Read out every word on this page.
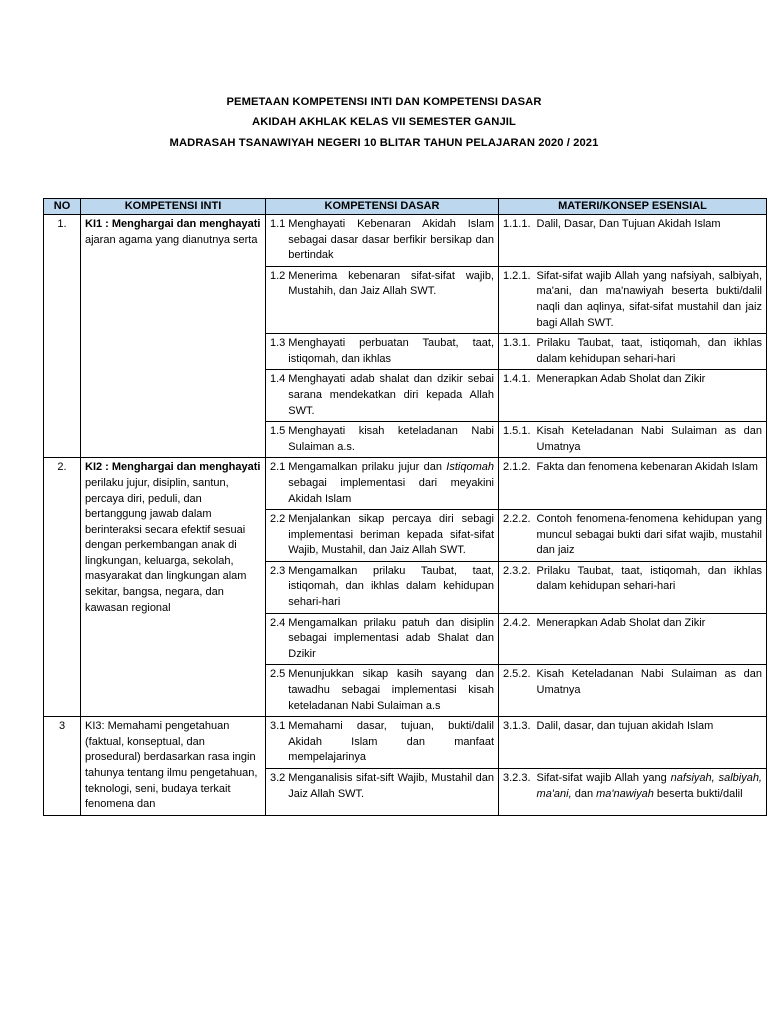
PEMETAAN KOMPETENSI INTI DAN KOMPETENSI DASAR
AKIDAH AKHLAK KELAS VII SEMESTER GANJIL
MADRASAH TSANAWIYAH NEGERI 10 BLITAR TAHUN PELAJARAN 2020 / 2021
NO	KOMPETENSI INTI	KOMPETENSI DASAR	MATERI/KONSEP ESENSIAL
1.	KI1 : Menghargai dan menghayati ajaran agama yang dianutnya serta	1.1 Menghayati Kebenaran Akidah Islam sebagai dasar dasar berfikir bersikap dan bertindak	1.1.1. Dalil, Dasar, Dan Tujuan Akidah Islam

		1.2 Menerima kebenaran sifat-sifat wajib, Mustahih, dan Jaiz Allah SWT.	1.2.1. Sifat-sifat wajib Allah yang nafsiyah, salbiyah, ma'ani, dan ma'nawiyah beserta bukti/dalil naqli dan aqlinya, sifat-sifat mustahil dan jaiz bagi Allah SWT.

		1.3 Menghayati perbuatan Taubat, taat, istiqomah, dan ikhlas	1.3.1. Prilaku Taubat, taat, istiqomah, dan ikhlas dalam kehidupan sehari-hari

		1.4 Menghayati adab shalat dan dzikir sebai sarana mendekatkan diri kepada Allah SWT.	1.4.1. Menerapkan Adab Sholat dan Zikir

		1.5 Menghayati kisah keteladanan Nabi Sulaiman a.s.	1.5.1. Kisah Keteladanan Nabi Sulaiman as dan Umatnya

2.	KI2 : Menghargai dan menghayati perilaku jujur, disiplin, santun, percaya diri, peduli, dan bertanggung jawab dalam berinteraksi secara efektif sesuai dengan perkembangan anak di lingkungan, keluarga, sekolah, masyarakat dan lingkungan alam sekitar, bangsa, negara, dan kawasan regional	2.1 Mengamalkan prilaku jujur dan Istiqomah sebagai implementasi dari meyakini Akidah Islam	2.1.2. Fakta dan fenomena kebenaran Akidah Islam

		2.2 Menjalankan sikap percaya diri sebagi implementasi beriman kepada sifat-sifat Wajib, Mustahil, dan Jaiz Allah SWT.	2.2.2. Contoh fenomena-fenomena kehidupan yang muncul sebagai bukti dari sifat wajib, mustahil dan jaiz

		2.3 Mengamalkan prilaku Taubat, taat, istiqomah, dan ikhlas dalam kehidupan sehari-hari	2.3.2. Prilaku Taubat, taat, istiqomah, dan ikhlas dalam kehidupan sehari-hari

		2.4 Mengamalkan prilaku patuh dan disiplin sebagai implementasi adab Shalat dan Dzikir	2.4.2. Menerapkan Adab Sholat dan Zikir

		2.5 Menunjukkan sikap kasih sayang dan tawadhu sebagai implementasi kisah keteladanan Nabi Sulaiman a.s	2.5.2. Kisah Keteladanan Nabi Sulaiman as dan Umatnya

3	KI3: Memahami pengetahuan (faktual, konseptual, dan prosedural) berdasarkan rasa ingin tahunya tentang ilmu pengetahuan, teknologi, seni, budaya terkait fenomena dan	3.1 Memahami dasar, tujuan, bukti/dalil Akidah Islam dan manfaat mempelajarinya	3.1.3. Dalil, dasar, dan tujuan akidah Islam

		3.2 Menganalisis sifat-sift Wajib, Mustahil dan Jaiz Allah SWT.	3.2.3. Sifat-sifat wajib Allah yang nafsiyah, salbiyah, ma'ani, dan ma'nawiyah beserta bukti/dalil
